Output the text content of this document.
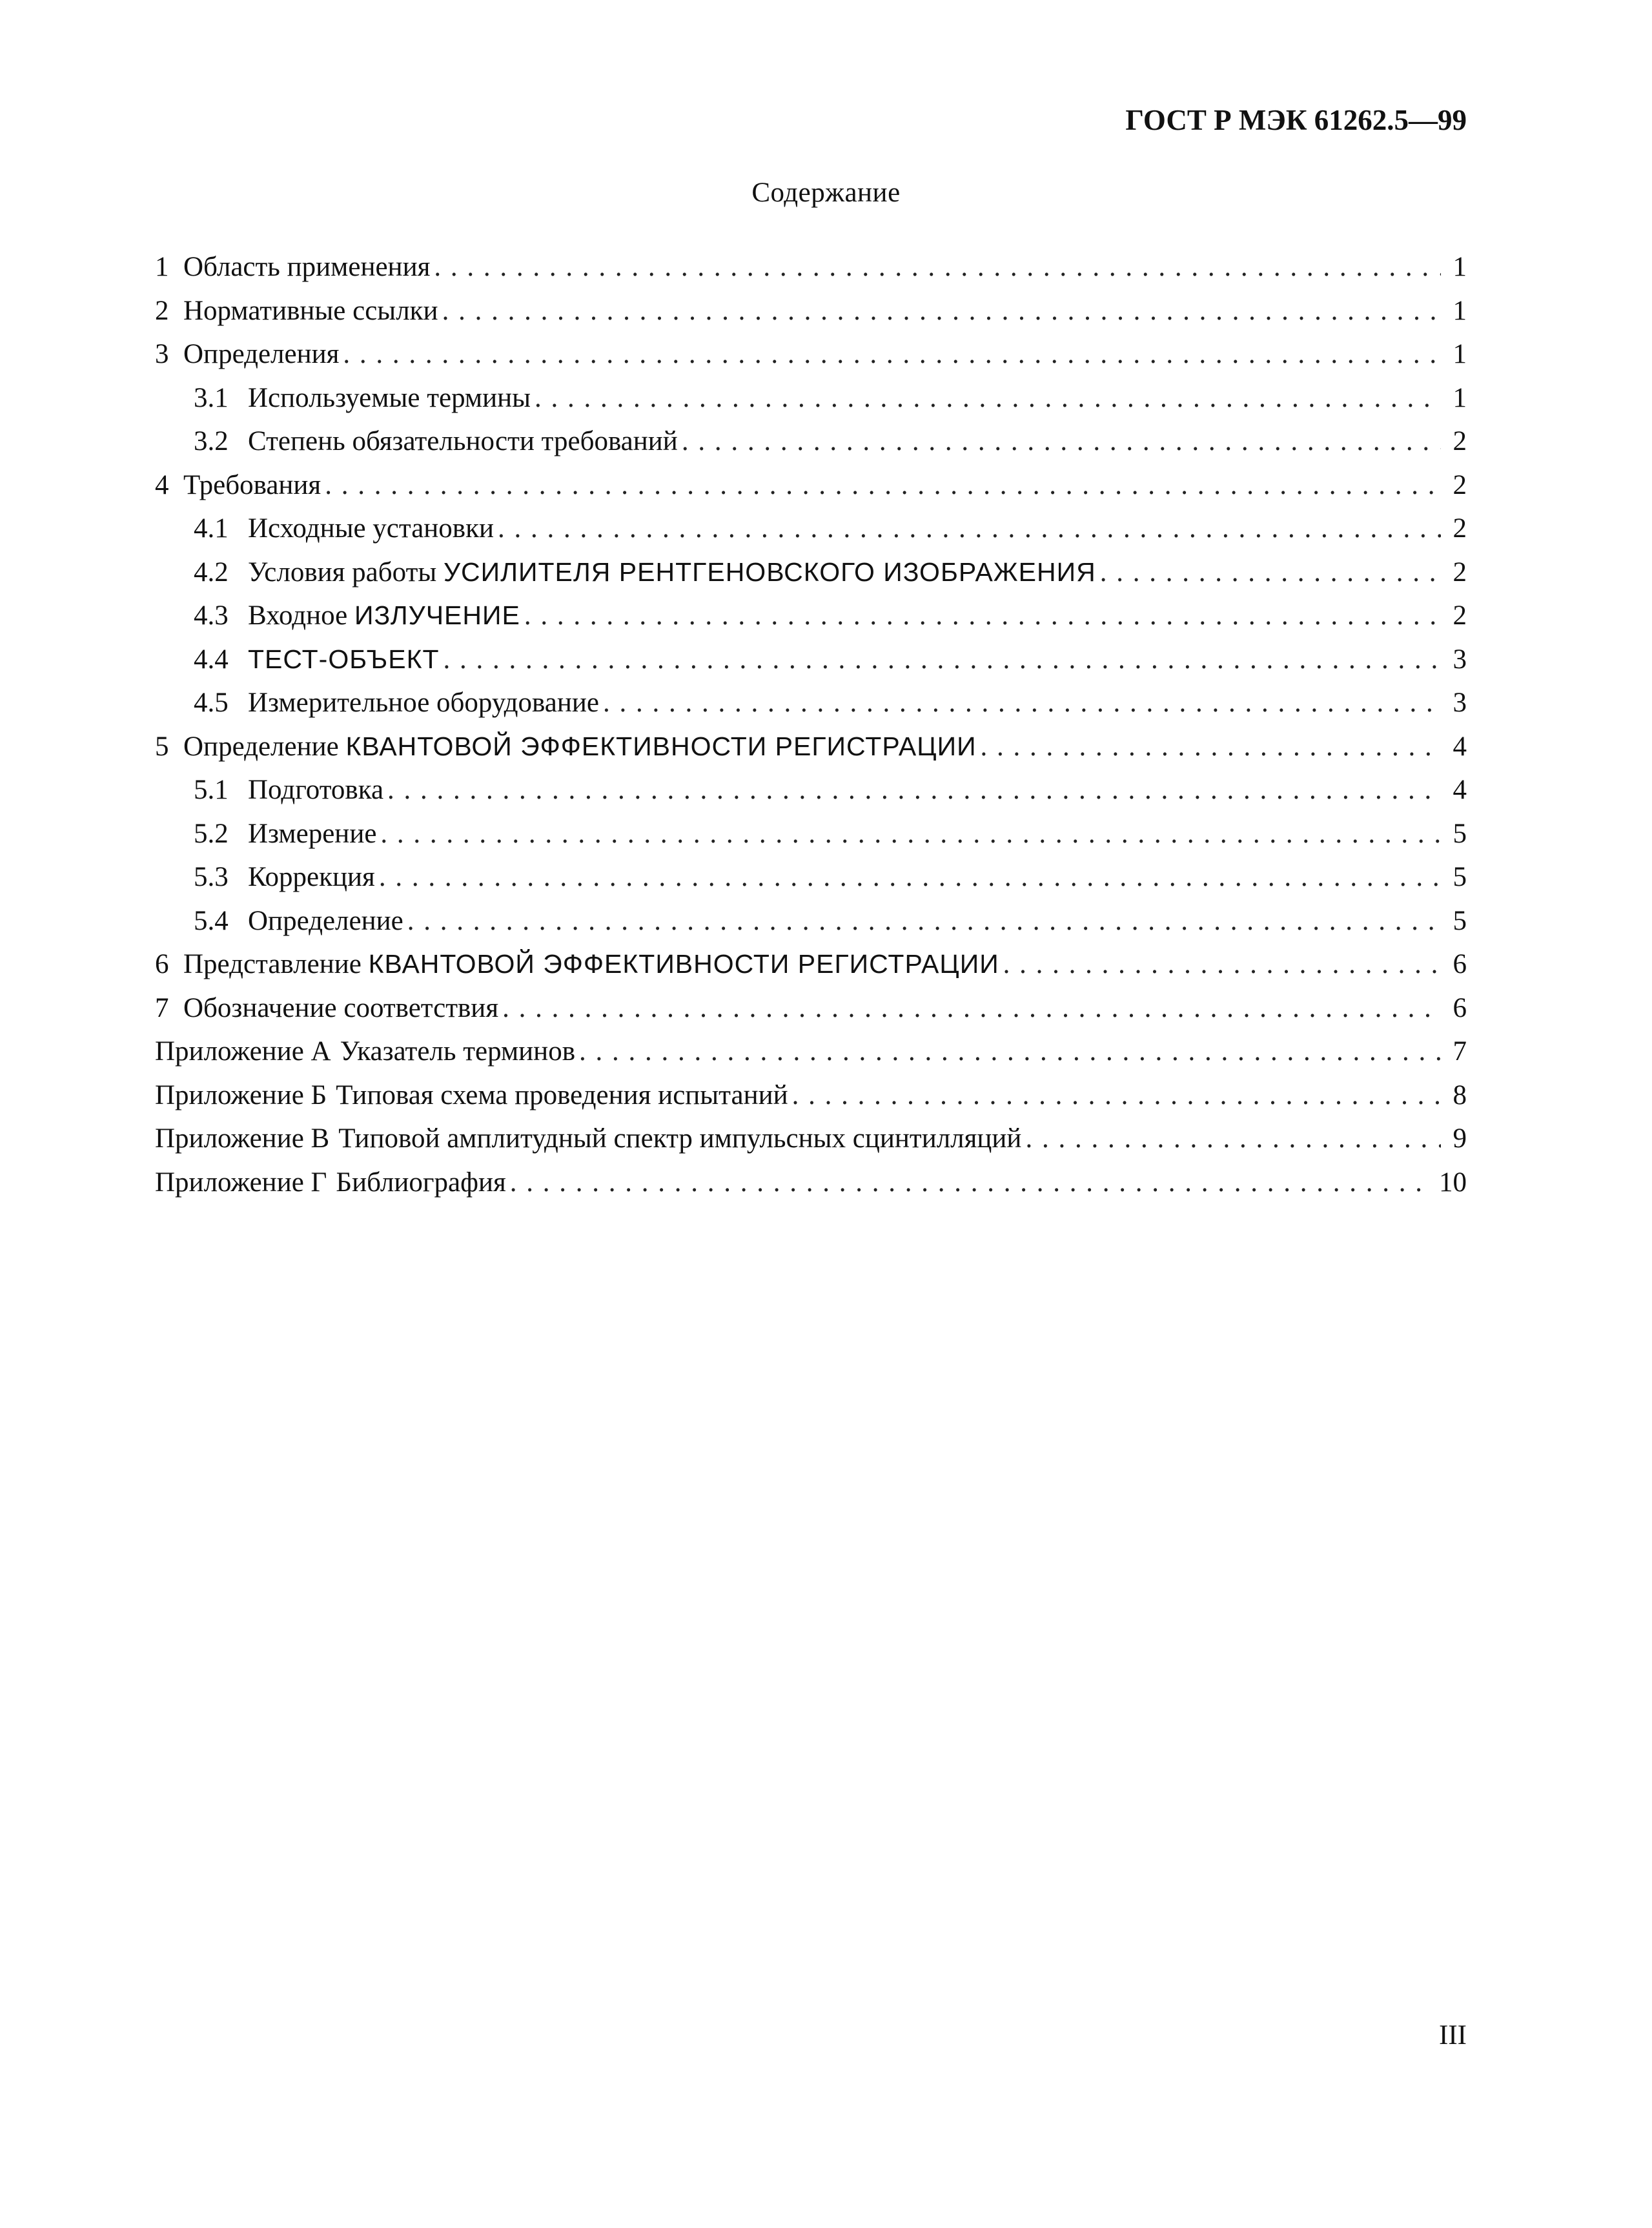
ГОСТ Р МЭК 61262.5—99
Содержание
1 Область применения . . .	1
2 Нормативные ссылки . . .	1
3 Определения . . .	1
3.1 Используемые термины . . .	1
3.2 Степень обязательности требований . . .	2
4 Требования . . .	2
4.1 Исходные установки . . .	2
4.2 Условия работы УСИЛИТЕЛЯ РЕНТГЕНОВСКОГО ИЗОБРАЖЕНИЯ . . .	2
4.3 Входное ИЗЛУЧЕНИЕ . . .	2
4.4 ТЕСТ-ОБЪЕКТ . . .	3
4.5 Измерительное оборудование . . .	3
5 Определение КВАНТОВОЙ ЭФФЕКТИВНОСТИ РЕГИСТРАЦИИ . . .	4
5.1 Подготовка . . .	4
5.2 Измерение . . .	5
5.3 Коррекция . . .	5
5.4 Определение . . .	5
6 Представление КВАНТОВОЙ ЭФФЕКТИВНОСТИ РЕГИСТРАЦИИ . . .	6
7 Обозначение соответствия . . .	6
Приложение А Указатель терминов . . .	7
Приложение Б Типовая схема проведения испытаний . . .	8
Приложение В Типовой амплитудный спектр импульсных сцинтилляций . . .	9
Приложение Г Библиография . . .	10
III
